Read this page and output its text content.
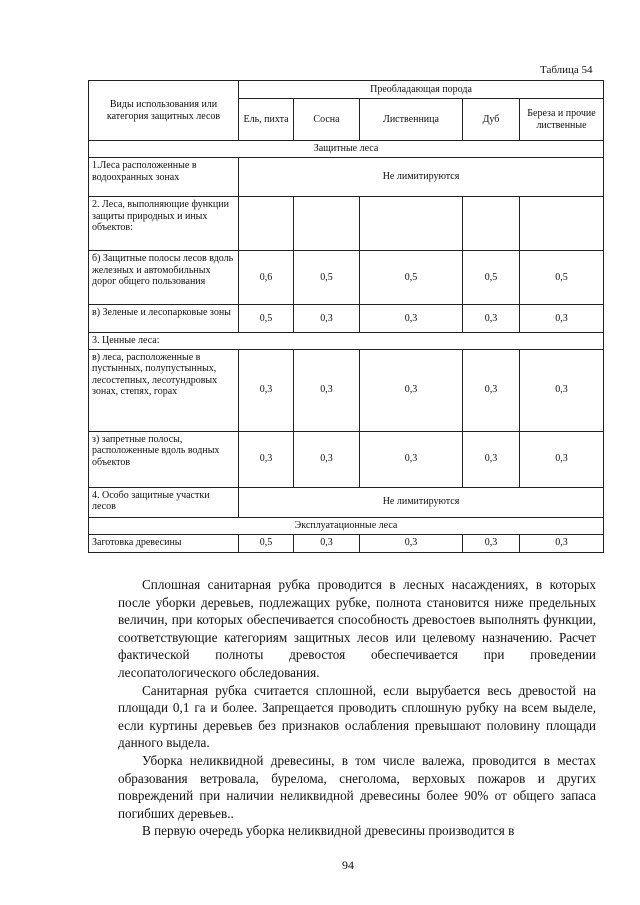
Таблица 54
Виды использования или категория защитных лесов	Преобладающая порода				
	Ель, пихта	Сосна	Лиственница	Дуб	Береза и прочие лиственные
Защитные леса					
1.Леса расположенные в водоохранных зонах	Не лимитируются				
2. Леса, выполняющие функции защиты природных и иных объектов:					
б) Защитные полосы лесов вдоль железных и автомобильных дорог общего пользования	0,6	0,5	0,5	0,5	0,5
в) Зеленые и лесопарковые зоны	0,5	0,3	0,3	0,3	0,3
3. Ценные леса:					
в) леса, расположенные в пустынных, полупустынных, лесостепных, лесотундровых зонах, степях, горах	0,3	0,3	0,3	0,3	0,3
з) запретные полосы, расположенные вдоль водных объектов	0,3	0,3	0,3	0,3	0,3
4. Особо защитные участки лесов	Не лимитируются				
Эксплуатационные леса					
Заготовка древесины	0,5	0,3	0,3	0,3	0,3

Сплошная санитарная рубка проводится в лесных насаждениях, в которых после уборки деревьев, подлежащих рубке, полнота становится ниже предельных величин, при которых обеспечивается способность древостоев выполнять функции, соответствующие категориям защитных лесов или целевому назначению. Расчет фактической полноты древостоя обеспечивается при проведении лесопатологического обследования.

Санитарная рубка считается сплошной, если вырубается весь древостой на площади 0,1 га и более. Запрещается проводить сплошную рубку на всем выделе, если куртины деревьев без признаков ослабления превышают половину площади данного выдела.

Уборка неликвидной древесины, в том числе валежа, проводится в местах образования ветровала, бурелома, снеголома, верховых пожаров и других повреждений при наличии неликвидной древесины более 90% от общего запаса погибших деревьев..

В первую очередь уборка неликвидной древесины производится в

94
